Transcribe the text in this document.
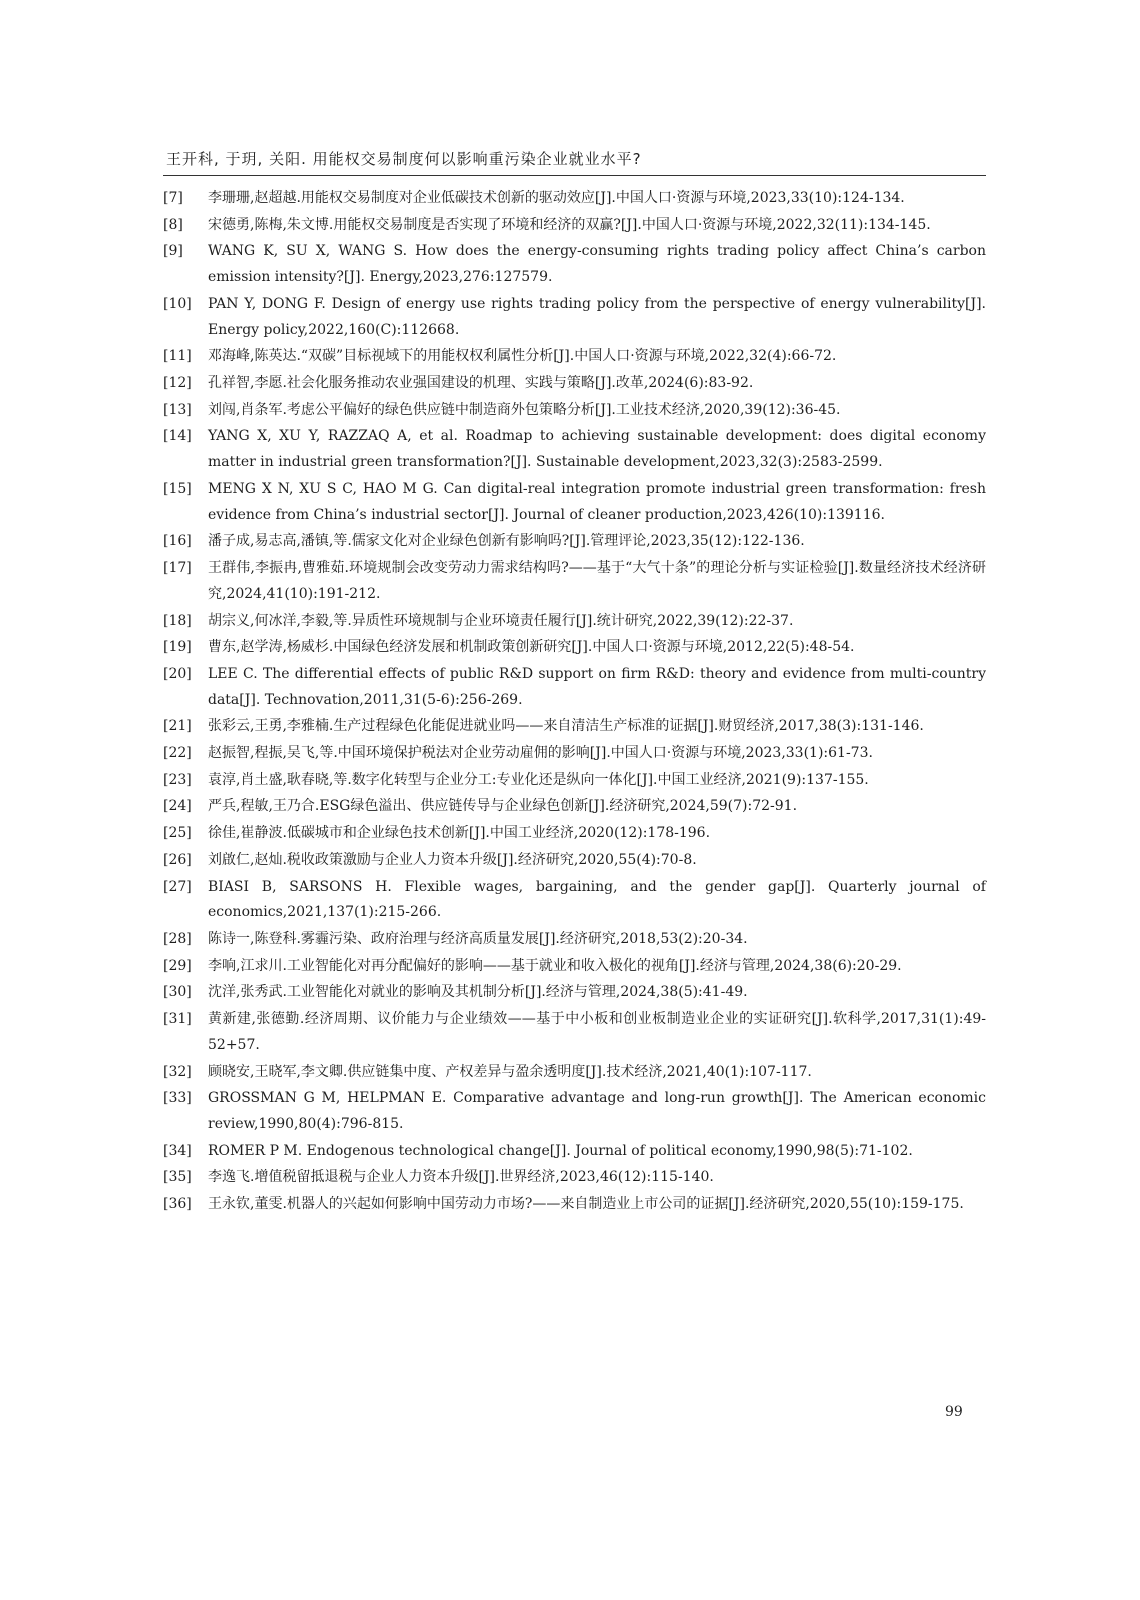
王开科, 于玥, 关阳. 用能权交易制度何以影响重污染企业就业水平?
[7] 李珊珊,赵超越.用能权交易制度对企业低碳技术创新的驱动效应[J].中国人口·资源与环境,2023,33(10):124-134.
[8] 宋德勇,陈梅,朱文博.用能权交易制度是否实现了环境和经济的双赢?[J].中国人口·资源与环境,2022,32(11):134-145.
[9] WANG K, SU X, WANG S. How does the energy-consuming rights trading policy affect China’s carbon emission intensity?[J]. Energy,2023,276:127579.
[10] PAN Y, DONG F. Design of energy use rights trading policy from the perspective of energy vulnerability[J]. Energy policy,2022,160(C):112668.
[11] 邓海峰,陈英达.“双碳”目标视域下的用能权权利属性分析[J].中国人口·资源与环境,2022,32(4):66-72.
[12] 孔祥智,李愿.社会化服务推动农业强国建设的机理、实践与策略[J].改革,2024(6):83-92.
[13] 刘闯,肖条军.考虑公平偏好的绿色供应链中制造商外包策略分析[J].工业技术经济,2020,39(12):36-45.
[14] YANG X, XU Y, RAZZAQ A, et al. Roadmap to achieving sustainable development: does digital economy matter in industrial green transformation?[J]. Sustainable development,2023,32(3):2583-2599.
[15] MENG X N, XU S C, HAO M G. Can digital-real integration promote industrial green transformation: fresh evidence from China’s industrial sector[J]. Journal of cleaner production,2023,426(10):139116.
[16] 潘子成,易志高,潘镇,等.儒家文化对企业绿色创新有影响吗?[J].管理评论,2023,35(12):122-136.
[17] 王群伟,李振冉,曹雅茹.环境规制会改变劳动力需求结构吗?——基于“大气十条”的理论分析与实证检验[J].数量经济技术经济研究,2024,41(10):191-212.
[18] 胡宗义,何冰洋,李毅,等.异质性环境规制与企业环境责任履行[J].统计研究,2022,39(12):22-37.
[19] 曹东,赵学涛,杨威杉.中国绿色经济发展和机制政策创新研究[J].中国人口·资源与环境,2012,22(5):48-54.
[20] LEE C. The differential effects of public R&D support on firm R&D: theory and evidence from multi-country data[J]. Technovation,2011,31(5-6):256-269.
[21] 张彩云,王勇,李雅楠.生产过程绿色化能促进就业吗——来自清洁生产标准的证据[J].财贸经济,2017,38(3):131-146.
[22] 赵振智,程振,吴飞,等.中国环境保护税法对企业劳动雇佣的影响[J].中国人口·资源与环境,2023,33(1):61-73.
[23] 袁淳,肖土盛,耿春晓,等.数字化转型与企业分工:专业化还是纵向一体化[J].中国工业经济,2021(9):137-155.
[24] 严兵,程敏,王乃合.ESG绿色溢出、供应链传导与企业绿色创新[J].经济研究,2024,59(7):72-91.
[25] 徐佳,崔静波.低碳城市和企业绿色技术创新[J].中国工业经济,2020(12):178-196.
[26] 刘啟仁,赵灿.税收政策激励与企业人力资本升级[J].经济研究,2020,55(4):70-8.
[27] BIASI B, SARSONS H. Flexible wages, bargaining, and the gender gap[J]. Quarterly journal of economics,2021,137(1):215-266.
[28] 陈诗一,陈登科.雾霾污染、政府治理与经济高质量发展[J].经济研究,2018,53(2):20-34.
[29] 李响,江求川.工业智能化对再分配偏好的影响——基于就业和收入极化的视角[J].经济与管理,2024,38(6):20-29.
[30] 沈洋,张秀武.工业智能化对就业的影响及其机制分析[J].经济与管理,2024,38(5):41-49.
[31] 黄新建,张德勤.经济周期、议价能力与企业绩效——基于中小板和创业板制造业企业的实证研究[J].软科学,2017,31(1):49-52+57.
[32] 顾晓安,王晓军,李文卿.供应链集中度、产权差异与盈余透明度[J].技术经济,2021,40(1):107-117.
[33] GROSSMAN G M, HELPMAN E. Comparative advantage and long-run growth[J]. The American economic review,1990,80(4):796-815.
[34] ROMER P M. Endogenous technological change[J]. Journal of political economy,1990,98(5):71-102.
[35] 李逸飞.增值税留抵退税与企业人力资本升级[J].世界经济,2023,46(12):115-140.
[36] 王永钦,董雯.机器人的兴起如何影响中国劳动力市场?——来自制造业上市公司的证据[J].经济研究,2020,55(10):159-175.
99
